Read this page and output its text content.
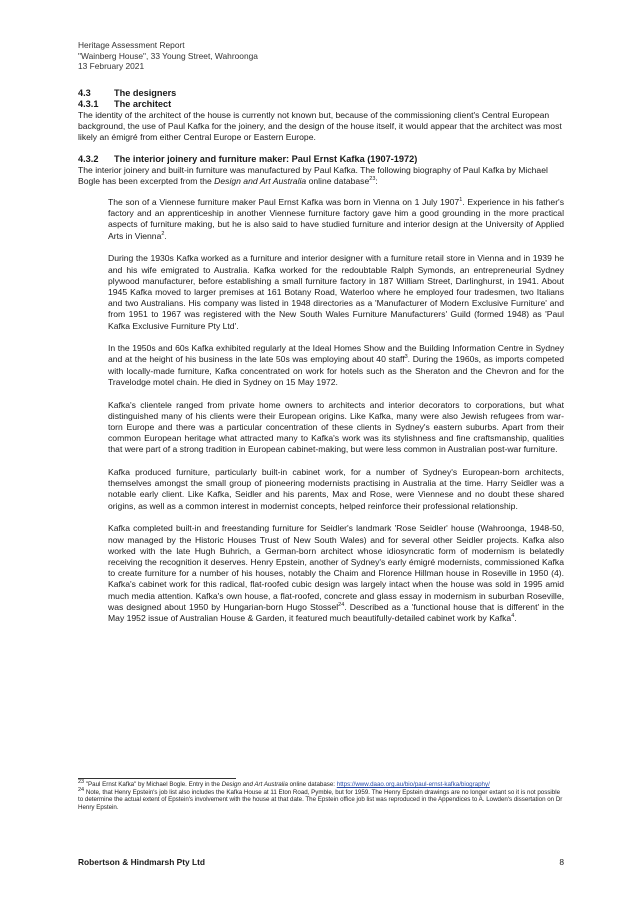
Heritage Assessment Report
"Wainberg House", 33 Young Street, Wahroonga
13 February 2021
4.3	The designers
4.3.1 The architect

The identity of the architect of the house is currently not known but, because of the commissioning client's Central European background, the use of Paul Kafka for the joinery, and the design of the house itself, it would appear that the architect was most likely an émigré from either Central Europe or Eastern Europe.

4.3.2 The interior joinery and furniture maker: Paul Ernst Kafka (1907-1972)

The interior joinery and built-in furniture was manufactured by Paul Kafka. The following biography of Paul Kafka by Michael Bogle has been excerpted from the Design and Art Australia online database$^{23}$:

The son of a Viennese furniture maker Paul Ernst Kafka was born in Vienna on 1 July 1907$^1$. Experience in his father's factory and an apprenticeship in another Viennese furniture factory gave him a good grounding in the more practical aspects of furniture making, but he is also said to have studied furniture and interior design at the University of Applied Arts in Vienna$^2$.

During the 1930s Kafka worked as a furniture and interior designer with a furniture retail store in Vienna and in 1939 he and his wife emigrated to Australia. Kafka worked for the redoubtable Ralph Symonds, an entrepreneurial Sydney plywood manufacturer, before establishing a small furniture factory in 187 William Street, Darlinghurst, in 1941. About 1945 Kafka moved to larger premises at 161 Botany Road, Waterloo where he employed four tradesmen, two Italians and two Australians. His company was listed in 1948 directories as a 'Manufacturer of Modern Exclusive Furniture' and from 1951 to 1967 was registered with the New South Wales Furniture Manufacturers' Guild (formed 1948) as 'Paul Kafka Exclusive Furniture Pty Ltd'.

In the 1950s and 60s Kafka exhibited regularly at the Ideal Homes Show and the Building Information Centre in Sydney and at the height of his business in the late 50s was employing about 40 staff$^3$. During the 1960s, as imports competed with locally-made furniture, Kafka concentrated on work for hotels such as the Sheraton and the Chevron and for the Travelodge motel chain. He died in Sydney on 15 May 1972.

Kafka's clientele ranged from private home owners to architects and interior decorators to corporations, but what distinguished many of his clients were their European origins. Like Kafka, many were also Jewish refugees from war-torn Europe and there was a particular concentration of these clients in Sydney's eastern suburbs. Apart from their common European heritage what attracted many to Kafka's work was its stylishness and fine craftsmanship, qualities that were part of a strong tradition in European cabinet-making, but were less common in Australian post-war furniture.

Kafka produced furniture, particularly built-in cabinet work, for a number of Sydney's European-born architects, themselves amongst the small group of pioneering modernists practising in Australia at the time. Harry Seidler was a notable early client. Like Kafka, Seidler and his parents, Max and Rose, were Viennese and no doubt these shared origins, as well as a common interest in modernist concepts, helped reinforce their professional relationship.

Kafka completed built-in and freestanding furniture for Seidler's landmark 'Rose Seidler' house (Wahroonga, 1948-50, now managed by the Historic Houses Trust of New South Wales) and for several other Seidler projects. Kafka also worked with the late Hugh Buhrich, a German-born architect whose idiosyncratic form of modernism is belatedly receiving the recognition it deserves. Henry Epstein, another of Sydney's early émigré modernists, commissioned Kafka to create furniture for a number of his houses, notably the Chaim and Florence Hillman house in Roseville in 1950 (4). Kafka's cabinet work for this radical, flat-roofed cubic design was largely intact when the house was sold in 1995 amid much media attention. Kafka's own house, a flat-roofed, concrete and glass essay in modernism in suburban Roseville, was designed about 1950 by Hungarian-born Hugo Stossel$^{24}$. Described as a 'functional house that is different' in the May 1952 issue of Australian House & Garden, it featured much beautifully-detailed cabinet work by Kafka$^4$.

$^{23}$ "Paul Ernst Kafka" by Michael Bogle. Entry in the Design and Art Australia online database: https://www.daao.org.au/bio/paul-ernst-kafka/biography/
$^{24}$ Note, that Henry Epstein's job list also includes the Kafka House at 11 Eton Road, Pymble, but for 1959. The Henry Epstein drawings are no longer extant so it is not possible to determine the actual extent of Epstein's involvement with the house at that date. The Epstein office job list was reproduced in the Appendices to A. Lowden's dissertation on Dr Henry Epstein.
Robertson & Hindmarsh Pty Ltd	8
